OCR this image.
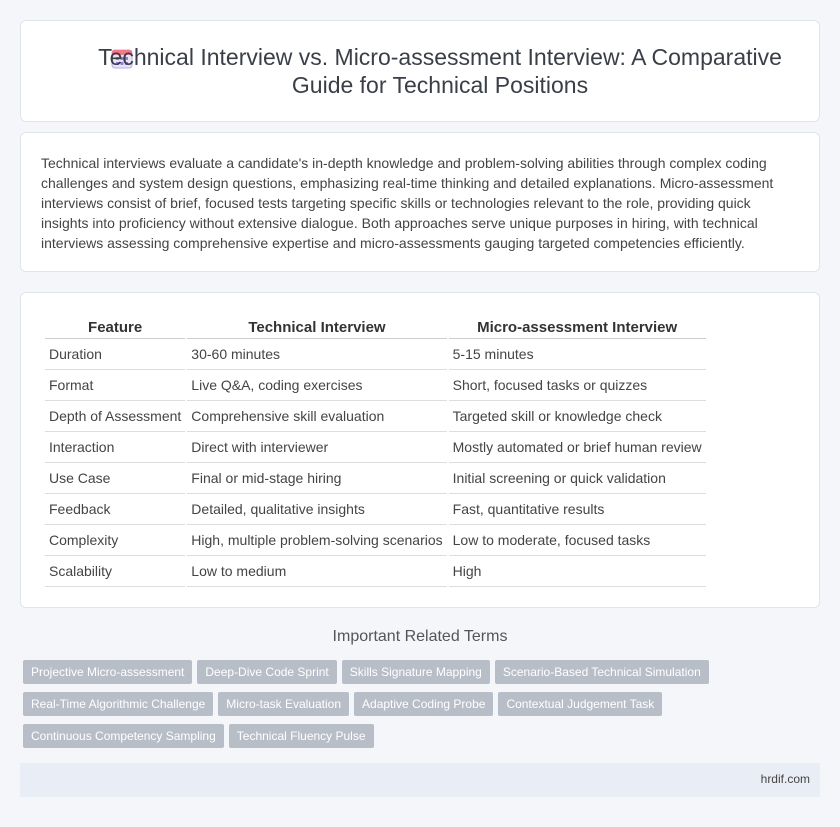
Technical Interview vs. Micro-assessment Interview: A Comparative Guide for Technical Positions

Technical interviews evaluate a candidate's in-depth knowledge and problem-solving abilities through complex coding challenges and system design questions, emphasizing real-time thinking and detailed explanations. Micro-assessment interviews consist of brief, focused tests targeting specific skills or technologies relevant to the role, providing quick insights into proficiency without extensive dialogue. Both approaches serve unique purposes in hiring, with technical interviews assessing comprehensive expertise and micro-assessments gauging targeted competencies efficiently.

Feature	Technical Interview	Micro-assessment Interview
Duration	30-60 minutes	5-15 minutes
Format	Live Q&A, coding exercises	Short, focused tasks or quizzes
Depth of Assessment	Comprehensive skill evaluation	Targeted skill or knowledge check
Interaction	Direct with interviewer	Mostly automated or brief human review
Use Case	Final or mid-stage hiring	Initial screening or quick validation
Feedback	Detailed, qualitative insights	Fast, quantitative results
Complexity	High, multiple problem-solving scenarios	Low to moderate, focused tasks
Scalability	Low to medium	High
Important Related Terms
Projective Micro-assessment Deep-Dive Code Sprint Skills Signature Mapping Scenario-Based Technical SimulationReal-Time Algorithmic Challenge Micro-task Evaluation Adaptive Coding Probe Contextual Judgement TaskContinuous Competency Sampling Technical Fluency Pulse
hrdif.com
